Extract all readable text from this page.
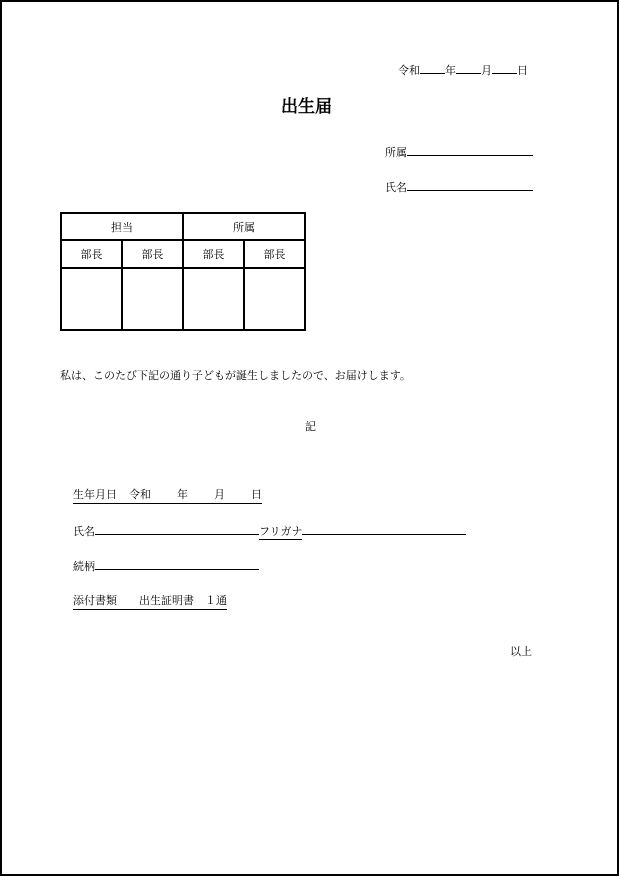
令和 年 月 日
出生届
所属
氏名
担当		所属	
部長	部長	部長	部長

私は、このたび下記の通り子どもが誕生しましたので、お届けします。
記
生年月日 令和 年 月 日
氏名	フリガナ
続柄
添付書類 出生証明書　１通
以上
